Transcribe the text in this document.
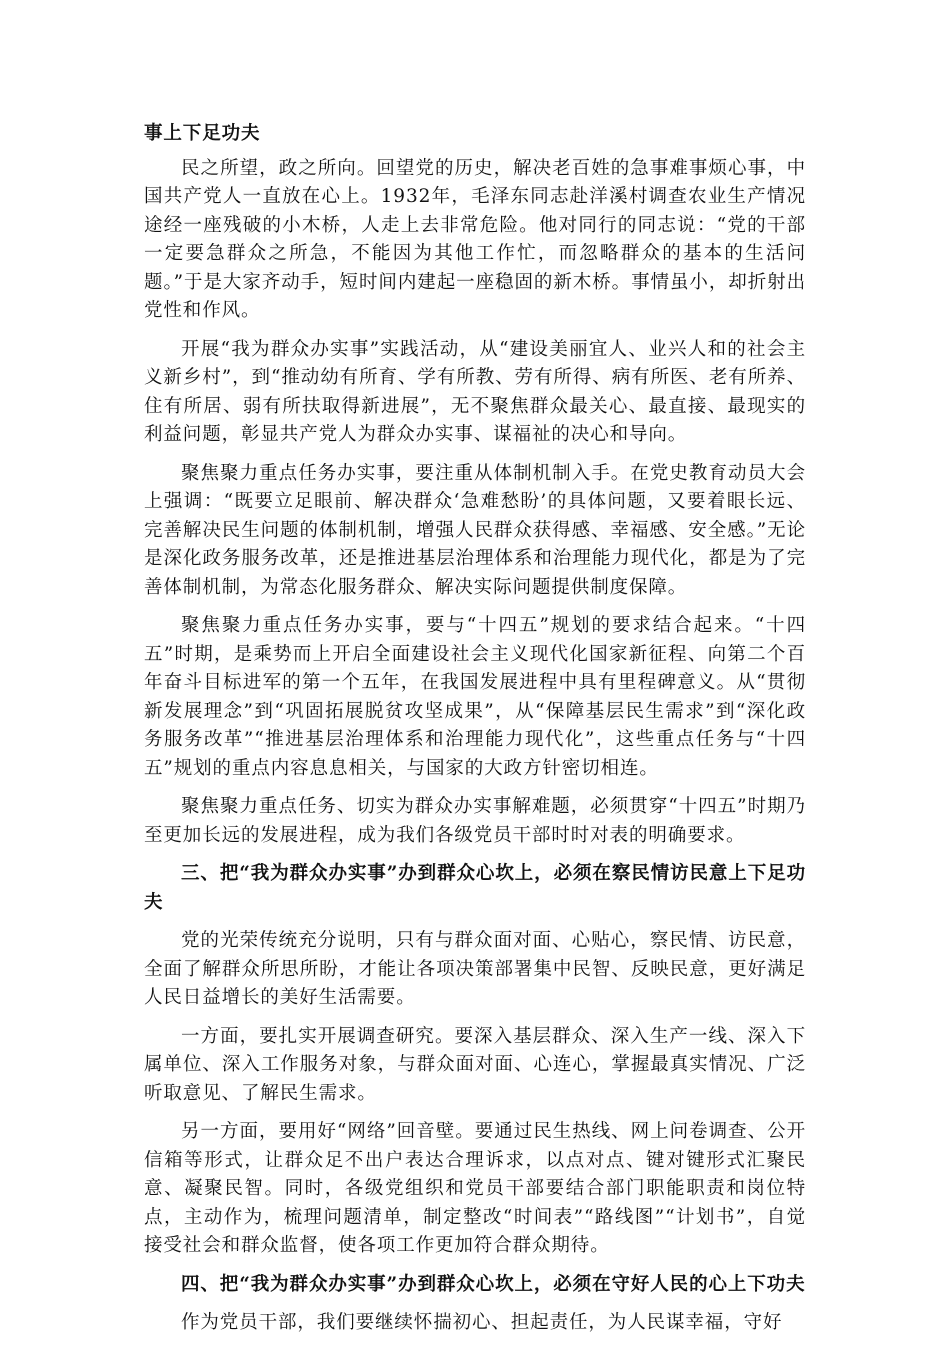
事上下足功夫

民之所望，政之所向。回望党的历史，解决老百姓的急事难事烦心事，中国共产党人一直放在心上。1932年，毛泽东同志赴洋溪村调查农业生产情况途经一座残破的小木桥，人走上去非常危险。他对同行的同志说：“党的干部一定要急群众之所急，不能因为其他工作忙，而忽略群众的基本的生活问题。”于是大家齐动手，短时间内建起一座稳固的新木桥。事情虽小，却折射出党性和作风。

开展“我为群众办实事”实践活动，从“建设美丽宜人、业兴人和的社会主义新乡村”，到“推动幼有所育、学有所教、劳有所得、病有所医、老有所养、住有所居、弱有所扶取得新进展”，无不聚焦群众最关心、最直接、最现实的利益问题，彰显共产党人为群众办实事、谋福祉的决心和导向。

聚焦聚力重点任务办实事，要注重从体制机制入手。在党史教育动员大会上强调：“既要立足眼前、解决群众‘急难愁盼’的具体问题，又要着眼长远、完善解决民生问题的体制机制，增强人民群众获得感、幸福感、安全感。”无论是深化政务服务改革，还是推进基层治理体系和治理能力现代化，都是为了完善体制机制，为常态化服务群众、解决实际问题提供制度保障。

聚焦聚力重点任务办实事，要与“十四五”规划的要求结合起来。“十四五”时期，是乘势而上开启全面建设社会主义现代化国家新征程、向第二个百年奋斗目标进军的第一个五年，在我国发展进程中具有里程碑意义。从“贯彻新发展理念”到“巩固拓展脱贫攻坚成果”，从“保障基层民生需求”到“深化政务服务改革”“推进基层治理体系和治理能力现代化”，这些重点任务与“十四五”规划的重点内容息息相关，与国家的大政方针密切相连。

聚焦聚力重点任务、切实为群众办实事解难题，必须贯穿“十四五”时期乃至更加长远的发展进程，成为我们各级党员干部时时对表的明确要求。

三、把“我为群众办实事”办到群众心坎上，必须在察民情访民意上下足功夫

党的光荣传统充分说明，只有与群众面对面、心贴心，察民情、访民意，全面了解群众所思所盼，才能让各项决策部署集中民智、反映民意，更好满足人民日益增长的美好生活需要。

一方面，要扎实开展调查研究。要深入基层群众、深入生产一线、深入下属单位、深入工作服务对象，与群众面对面、心连心，掌握最真实情况、广泛听取意见、了解民生需求。

另一方面，要用好“网络”回音壁。要通过民生热线、网上问卷调查、公开信箱等形式，让群众足不出户表达合理诉求，以点对点、键对键形式汇聚民意、凝聚民智。同时，各级党组织和党员干部要结合部门职能职责和岗位特点，主动作为，梳理问题清单，制定整改“时间表”“路线图”“计划书”，自觉接受社会和群众监督，使各项工作更加符合群众期待。

四、把“我为群众办实事”办到群众心坎上，必须在守好人民的心上下功夫

作为党员干部，我们要继续怀揣初心、担起责任，为人民谋幸福，守好
